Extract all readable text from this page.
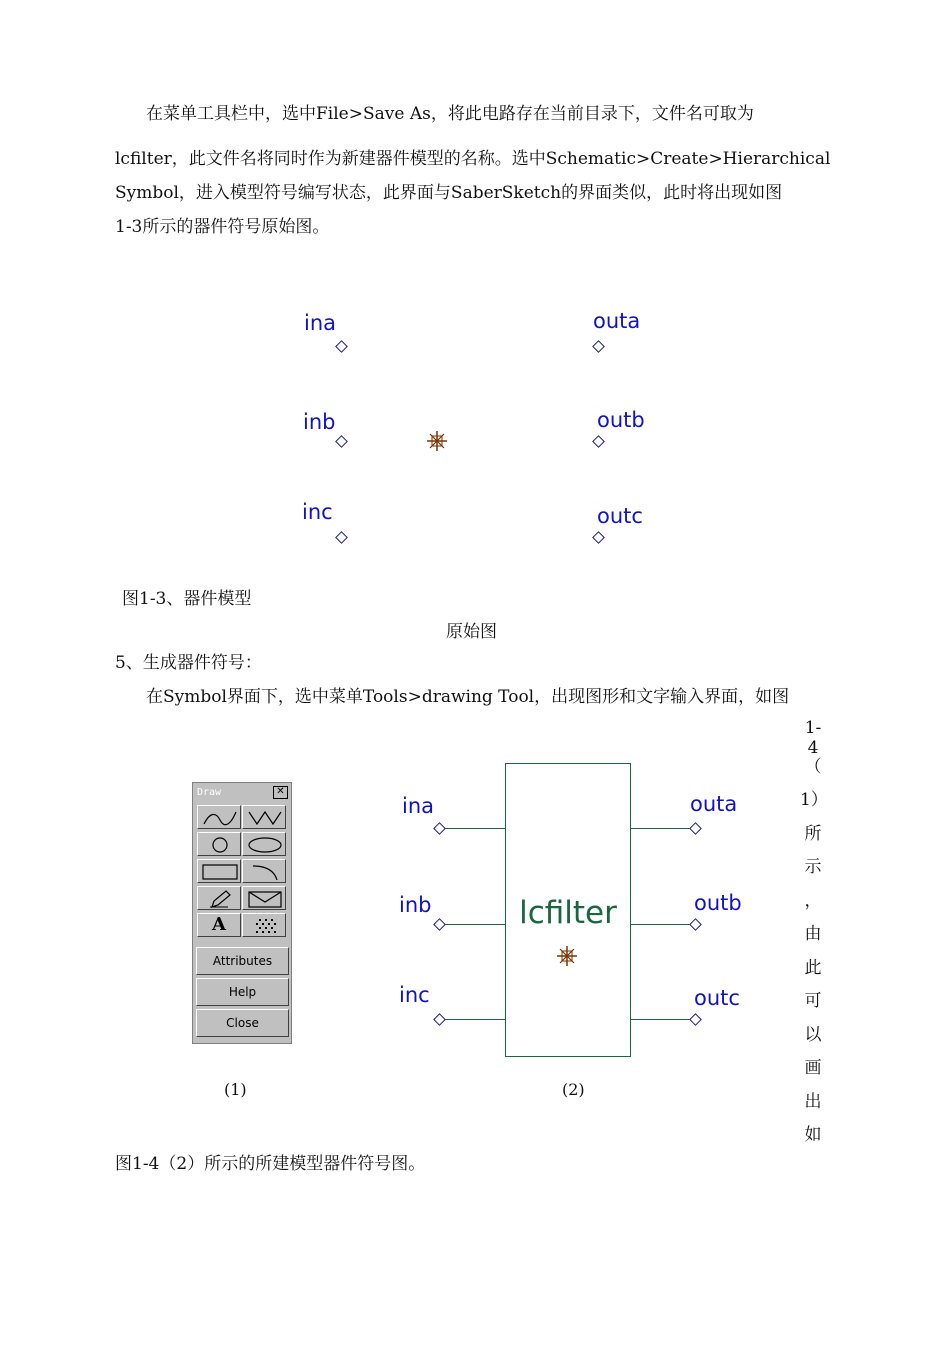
在菜单工具栏中，选中File>Save As，将此电路存在当前目录下，文件名可取为
lcfilter，此文件名将同时作为新建器件模型的名称。选中Schematic>Create>Hierarchical
Symbol，进入模型符号编写状态，此界面与SaberSketch的界面类似，此时将出现如图
1-3所示的器件符号原始图。
ina	outa
inb	outb
inc	outc
图1-3、器件模型
原始图
5、生成器件符号：
在Symbol界面下，选中菜单Tools>drawing Tool，出现图形和文字输入界面，如图
1-4
（
1）
所
示
，
由
此
可
以
画
出
如
Draw	✕
A
Attributes
Help
Close
lcfilter
ina	outa
inb	outb
inc	outc
(1)	(2)
图1-4（2）所示的所建模型器件符号图。
